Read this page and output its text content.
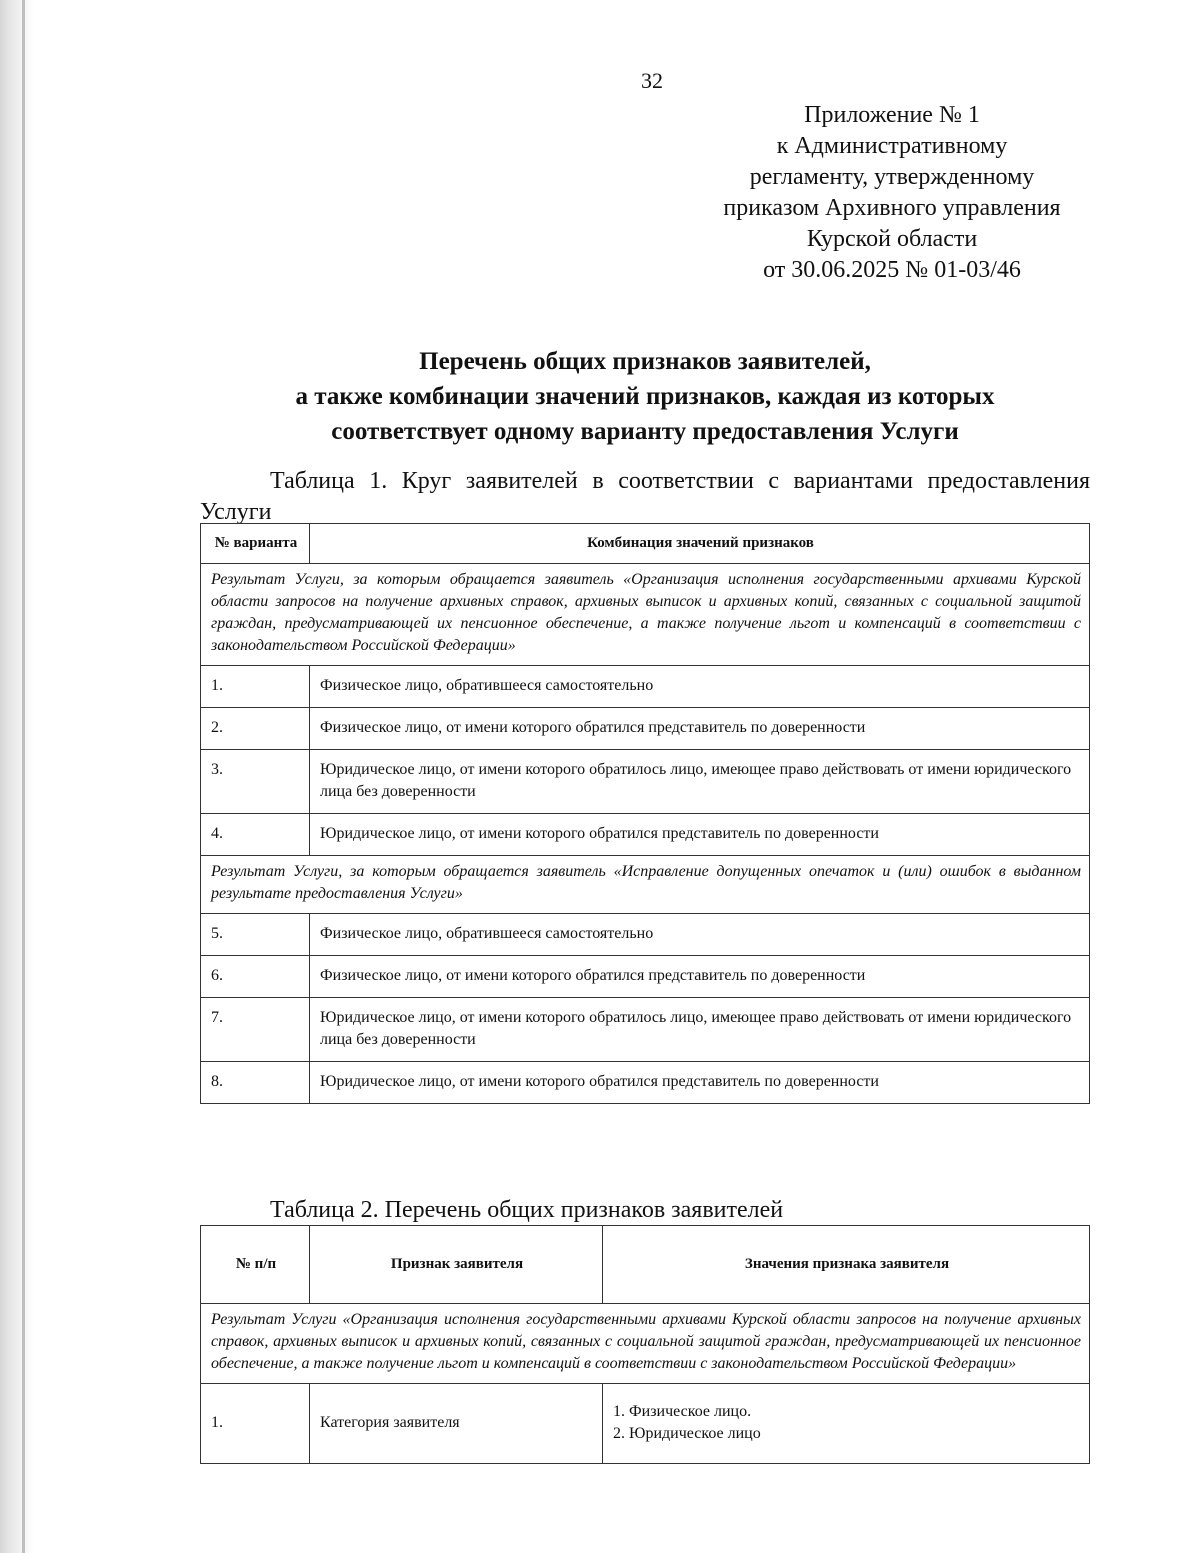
32
Приложение № 1
к Административному
регламенту, утвержденному
приказом Архивного управления
Курской области
от 30.06.2025 № 01-03/46
Перечень общих признаков заявителей,
а также комбинации значений признаков, каждая из которых
соответствует одному варианту предоставления Услуги
Таблица 1. Круг заявителей в соответствии с вариантами предоставления Услуги
№ варианта	Комбинация значений признаков
Результат Услуги, за которым обращается заявитель «Организация исполнения государственными архивами Курской области запросов на получение архивных справок, архивных выписок и архивных копий, связанных с социальной защитой граждан, предусматривающей их пенсионное обеспечение, а также получение льгот и компенсаций в соответствии с законодательством Российской Федерации»	
1.	Физическое лицо, обратившееся самостоятельно
2.	Физическое лицо, от имени которого обратился представитель по доверенности
3.	Юридическое лицо, от имени которого обратилось лицо, имеющее право действовать от имени юридического лица без доверенности
4.	Юридическое лицо, от имени которого обратился представитель по доверенности
Результат Услуги, за которым обращается заявитель «Исправление допущенных опечаток и (или) ошибок в выданном результате предоставления Услуги»	
5.	Физическое лицо, обратившееся самостоятельно
6.	Физическое лицо, от имени которого обратился представитель по доверенности
7.	Юридическое лицо, от имени которого обратилось лицо, имеющее право действовать от имени юридического лица без доверенности
8.	Юридическое лицо, от имени которого обратился представитель по доверенности
Таблица 2. Перечень общих признаков заявителей
№ п/п	Признак заявителя	Значения признака заявителя
Результат Услуги «Организация исполнения государственными архивами Курской области запросов на получение архивных справок, архивных выписок и архивных копий, связанных с социальной защитой граждан, предусматривающей их пенсионное обеспечение, а также получение льгот и компенсаций в соответствии с законодательством Российской Федерации»		
1.	Категория заявителя	1. Физическое лицо.
2. Юридическое лицо
